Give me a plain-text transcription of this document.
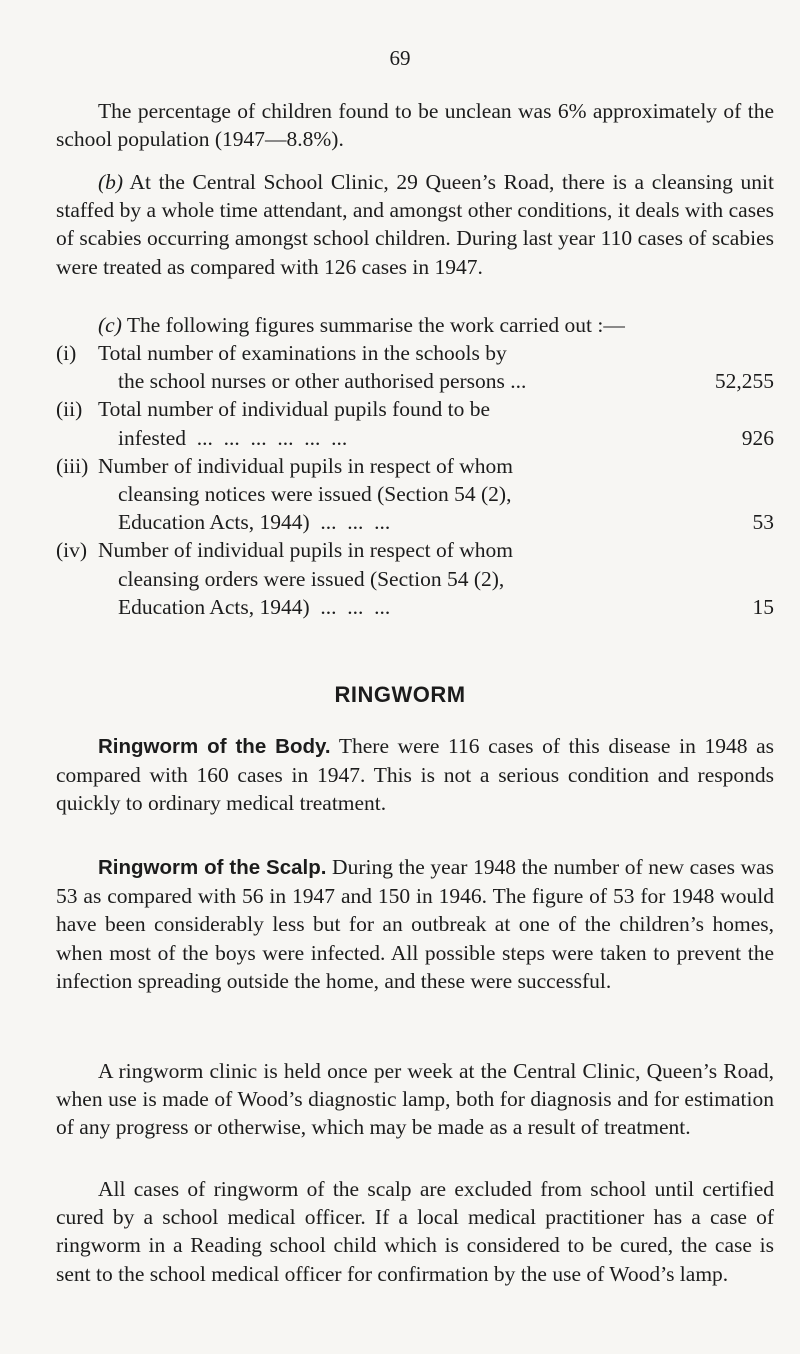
69

The percentage of children found to be unclean was 6% approximately of the school population (1947—8.8%).

(b) At the Central School Clinic, 29 Queen’s Road, there is a cleansing unit staffed by a whole time attendant, and amongst other conditions, it deals with cases of scabies occurring amongst school children. During last year 110 cases of scabies were treated as compared with 126 cases in 1947.

(c) The following figures summarise the work carried out :—

(i)	Total number of examinations in the schools by
the school nurses or other authorised persons ...	52,255
(ii) Total number of individual pupils found to be
infested  ...  ...  ...  ...  ...  ...	926
(iii) Number of individual pupils in respect of whom
cleansing notices were issued (Section 54 (2),
Education Acts, 1944)  ...  ...  ...	53
(iv) Number of individual pupils in respect of whom
cleansing orders were issued (Section 54 (2),
Education Acts, 1944)  ...  ...  ...	15
RINGWORM

Ringworm of the Body. There were 116 cases of this disease in 1948 as compared with 160 cases in 1947. This is not a serious condition and responds quickly to ordinary medical treatment.

Ringworm of the Scalp. During the year 1948 the number of new cases was 53 as compared with 56 in 1947 and 150 in 1946. The figure of 53 for 1948 would have been considerably less but for an outbreak at one of the children’s homes, when most of the boys were infected. All possible steps were taken to prevent the infection spreading outside the home, and these were successful.

A ringworm clinic is held once per week at the Central Clinic, Queen’s Road, when use is made of Wood’s diagnostic lamp, both for diagnosis and for estimation of any progress or otherwise, which may be made as a result of treatment.

All cases of ringworm of the scalp are excluded from school until certified cured by a school medical officer. If a local medical practitioner has a case of ringworm in a Reading school child which is considered to be cured, the case is sent to the school medical officer for confirmation by the use of Wood’s lamp.
